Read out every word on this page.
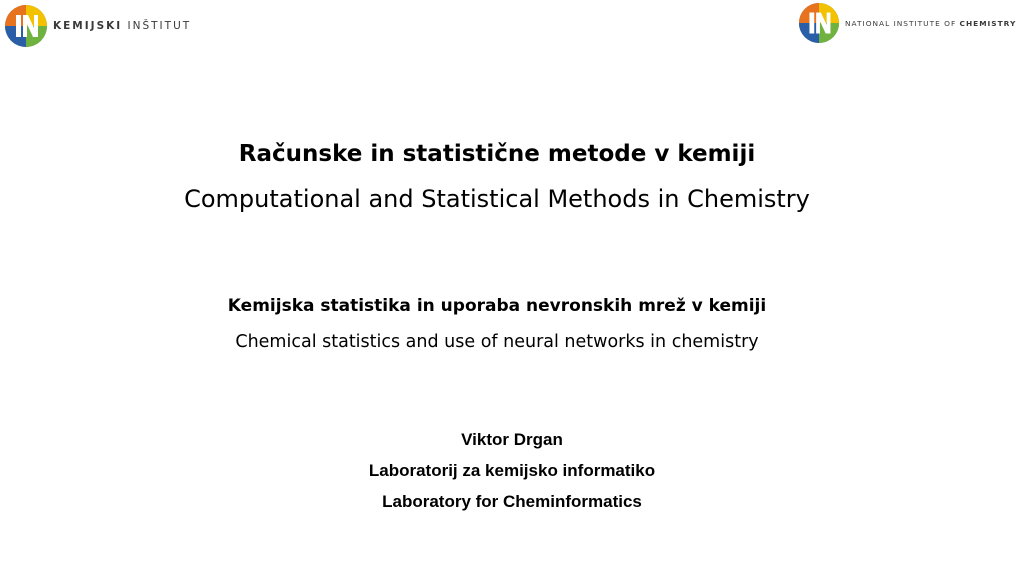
KEMIJSKI INŠTITUT	NATIONAL INSTITUTE OF CHEMISTRY
Računske in statistične metode v kemiji
Computational and Statistical Methods in Chemistry
Kemijska statistika in uporaba nevronskih mrež v kemiji
Chemical statistics and use of neural networks in chemistry
Viktor Drgan
Laboratorij za kemijsko informatiko
Laboratory for Cheminformatics
